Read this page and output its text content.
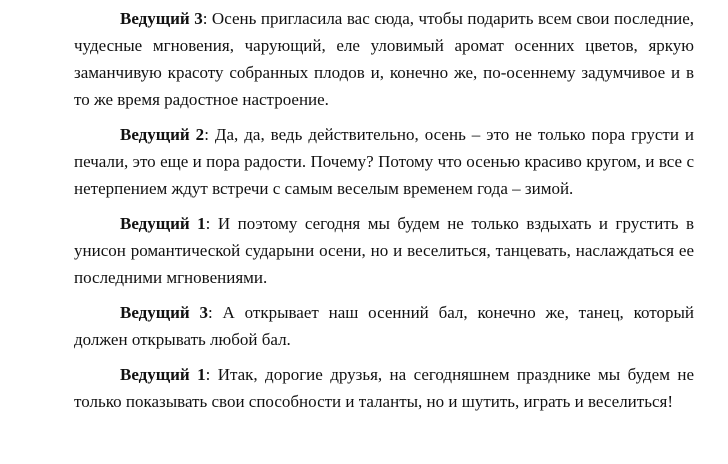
Ведущий 3: Осень пригласила вас сюда, чтобы подарить всем свои последние, чудесные мгновения, чарующий, еле уловимый аромат осенних цветов, яркую заманчивую красоту собранных плодов и, конечно же, по-осеннему задумчивое и в то же время радостное настроение.

Ведущий 2: Да, да, ведь действительно, осень – это не только пора грусти и печали, это еще и пора радости. Почему? Потому что осенью красиво кругом, и все с нетерпением ждут встречи с самым веселым временем года – зимой.

Ведущий 1: И поэтому сегодня мы будем не только вздыхать и грустить в унисон романтической сударыни осени, но и веселиться, танцевать, наслаждаться ее последними мгновениями.

Ведущий 3: А открывает наш осенний бал, конечно же, танец, который должен открывать любой бал.

Ведущий 1: Итак, дорогие друзья, на сегодняшнем празднике мы будем не только показывать свои способности и таланты, но и шутить, играть и веселиться!
